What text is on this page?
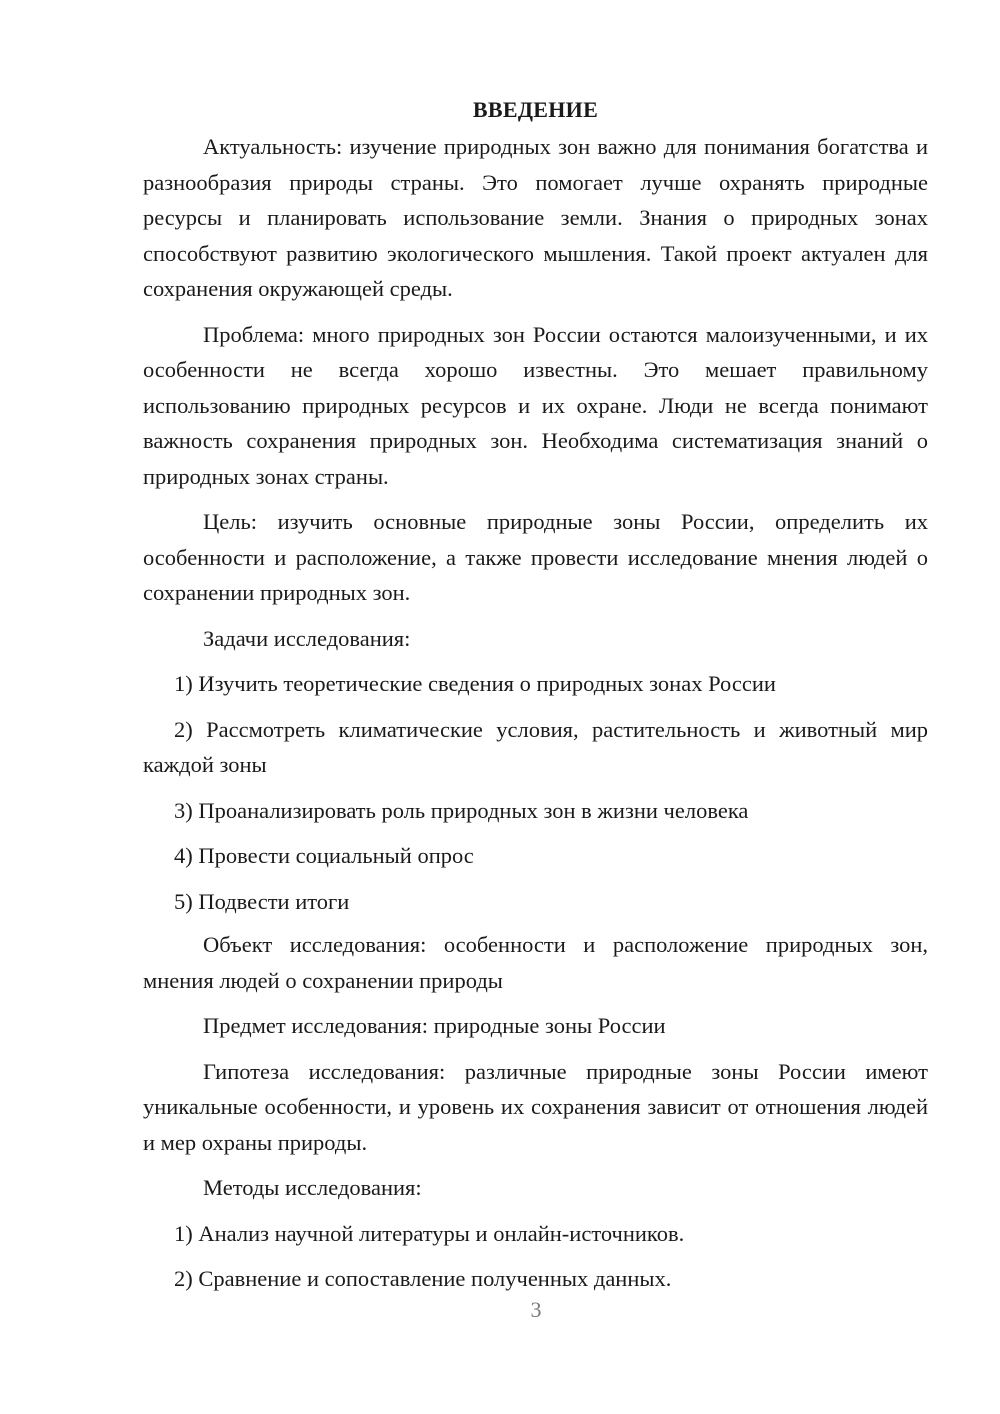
ВВЕДЕНИЕ

Актуальность: изучение природных зон важно для понимания богатства и разнообразия природы страны. Это помогает лучше охранять природные ресурсы и планировать использование земли. Знания о природных зонах способствуют развитию экологического мышления. Такой проект актуален для сохранения окружающей среды.

Проблема: много природных зон России остаются малоизученными, и их особенности не всегда хорошо известны. Это мешает правильному использованию природных ресурсов и их охране. Люди не всегда понимают важность сохранения природных зон. Необходима систематизация знаний о природных зонах страны.

Цель: изучить основные природные зоны России, определить их особенности и расположение, а также провести исследование мнения людей о сохранении природных зон.

Задачи исследования:

1) Изучить теоретические сведения о природных зонах России

2) Рассмотреть климатические условия, растительность и животный мир каждой зоны

3) Проанализировать роль природных зон в жизни человека

4) Провести социальный опрос

5) Подвести итоги

Объект исследования: особенности и расположение природных зон, мнения людей о сохранении природы

Предмет исследования: природные зоны России

Гипотеза исследования: различные природные зоны России имеют уникальные особенности, и уровень их сохранения зависит от отношения людей и мер охраны природы.

Методы исследования:

1) Анализ научной литературы и онлайн-источников.

2) Сравнение и сопоставление полученных данных.

3
